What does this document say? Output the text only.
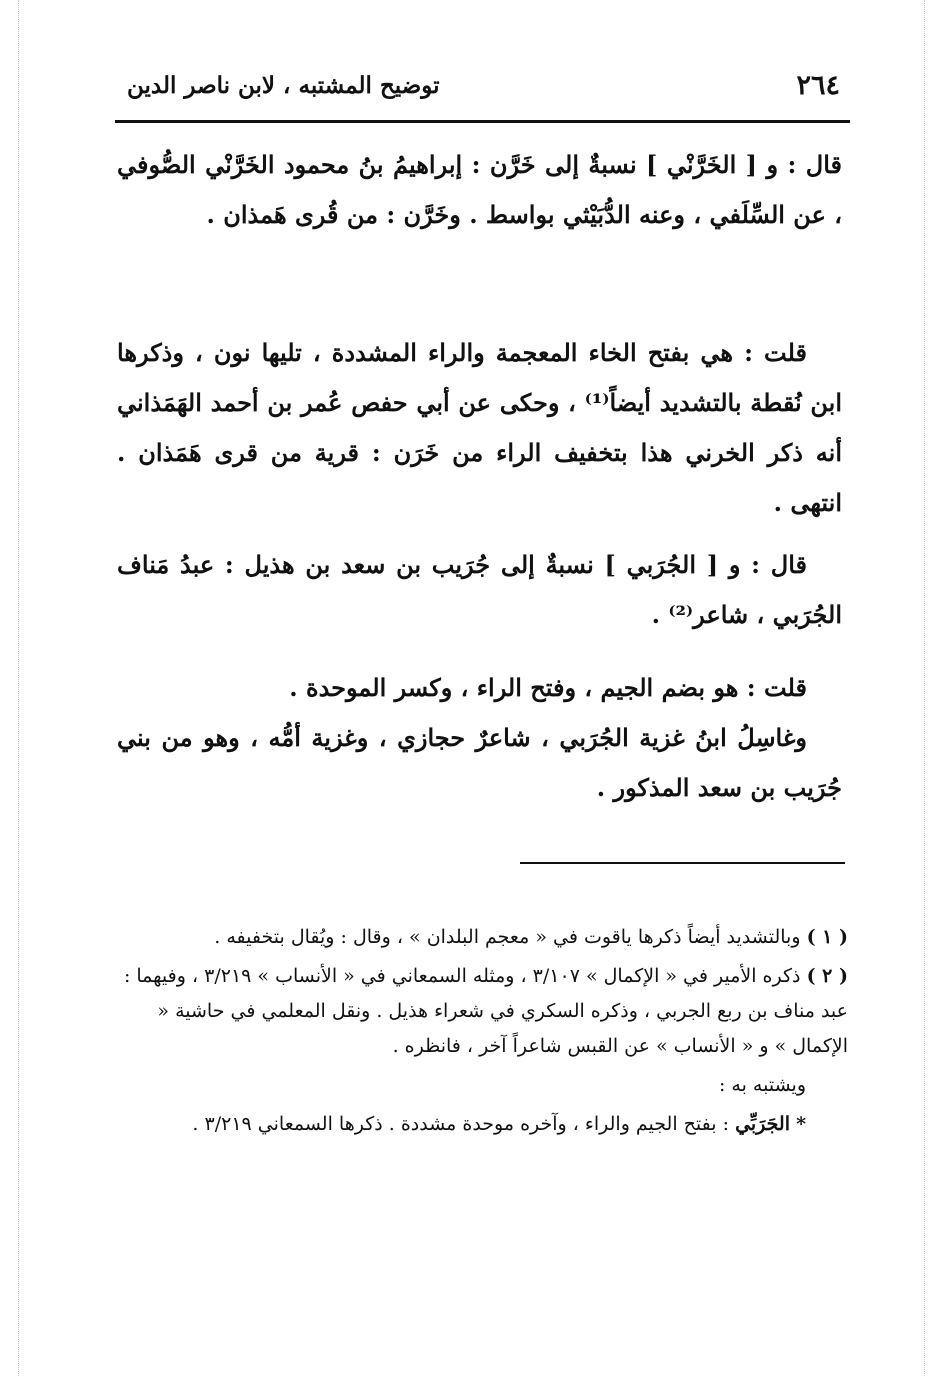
٢٦٤
توضيح المشتبه ، لابن ناصر الدين
قال : و [ الخَرَّنْي ] نسبةٌ إلى خَرَّن : إبراهيمُ بنُ محمود الخَرَّنْي الصُّوفي ، عن السِّلَفي ، وعنه الدُّبَيْثي بواسط . وخَرَّن : من قُرى هَمذان .
قلت : هي بفتح الخاء المعجمة والراء المشددة ، تليها نون ، وذكرها ابن نُقطة بالتشديد أيضاً⁽¹⁾ ، وحكى عن أبي حفص عُمر بن أحمد الهَمَذاني أنه ذكر الخرني هذا بتخفيف الراء من خَرَن : قرية من قرى هَمَذان . انتهى .
قال : و [ الجُرَبي ] نسبةٌ إلى جُرَيب بن سعد بن هذيل : عبدُ مَناف الجُرَبي ، شاعر⁽²⁾ .
قلت : هو بضم الجيم ، وفتح الراء ، وكسر الموحدة .
وغاسِلُ ابنُ غزية الجُرَبي ، شاعرٌ حجازي ، وغزية أمُّه ، وهو من بني جُرَيب بن سعد المذكور .

( ١ ) وبالتشديد أيضاً ذكرها ياقوت في « معجم البلدان » ، وقال : ويُقال بتخفيفه .

( ٢ ) ذكره الأمير في « الإكمال » ٣/١٠٧ ، ومثله السمعاني في « الأنساب » ٣/٢١٩ ، وفيهما : عبد مناف بن ربع الجربي ، وذكره السكري في شعراء هذيل . ونقل المعلمي في حاشية « الإكمال » و « الأنساب » عن القبس شاعراً آخر ، فانظره .

ويشتبه به :

* الجَرَبِّي : بفتح الجيم والراء ، وآخره موحدة مشددة . ذكرها السمعاني ٣/٢١٩ .
